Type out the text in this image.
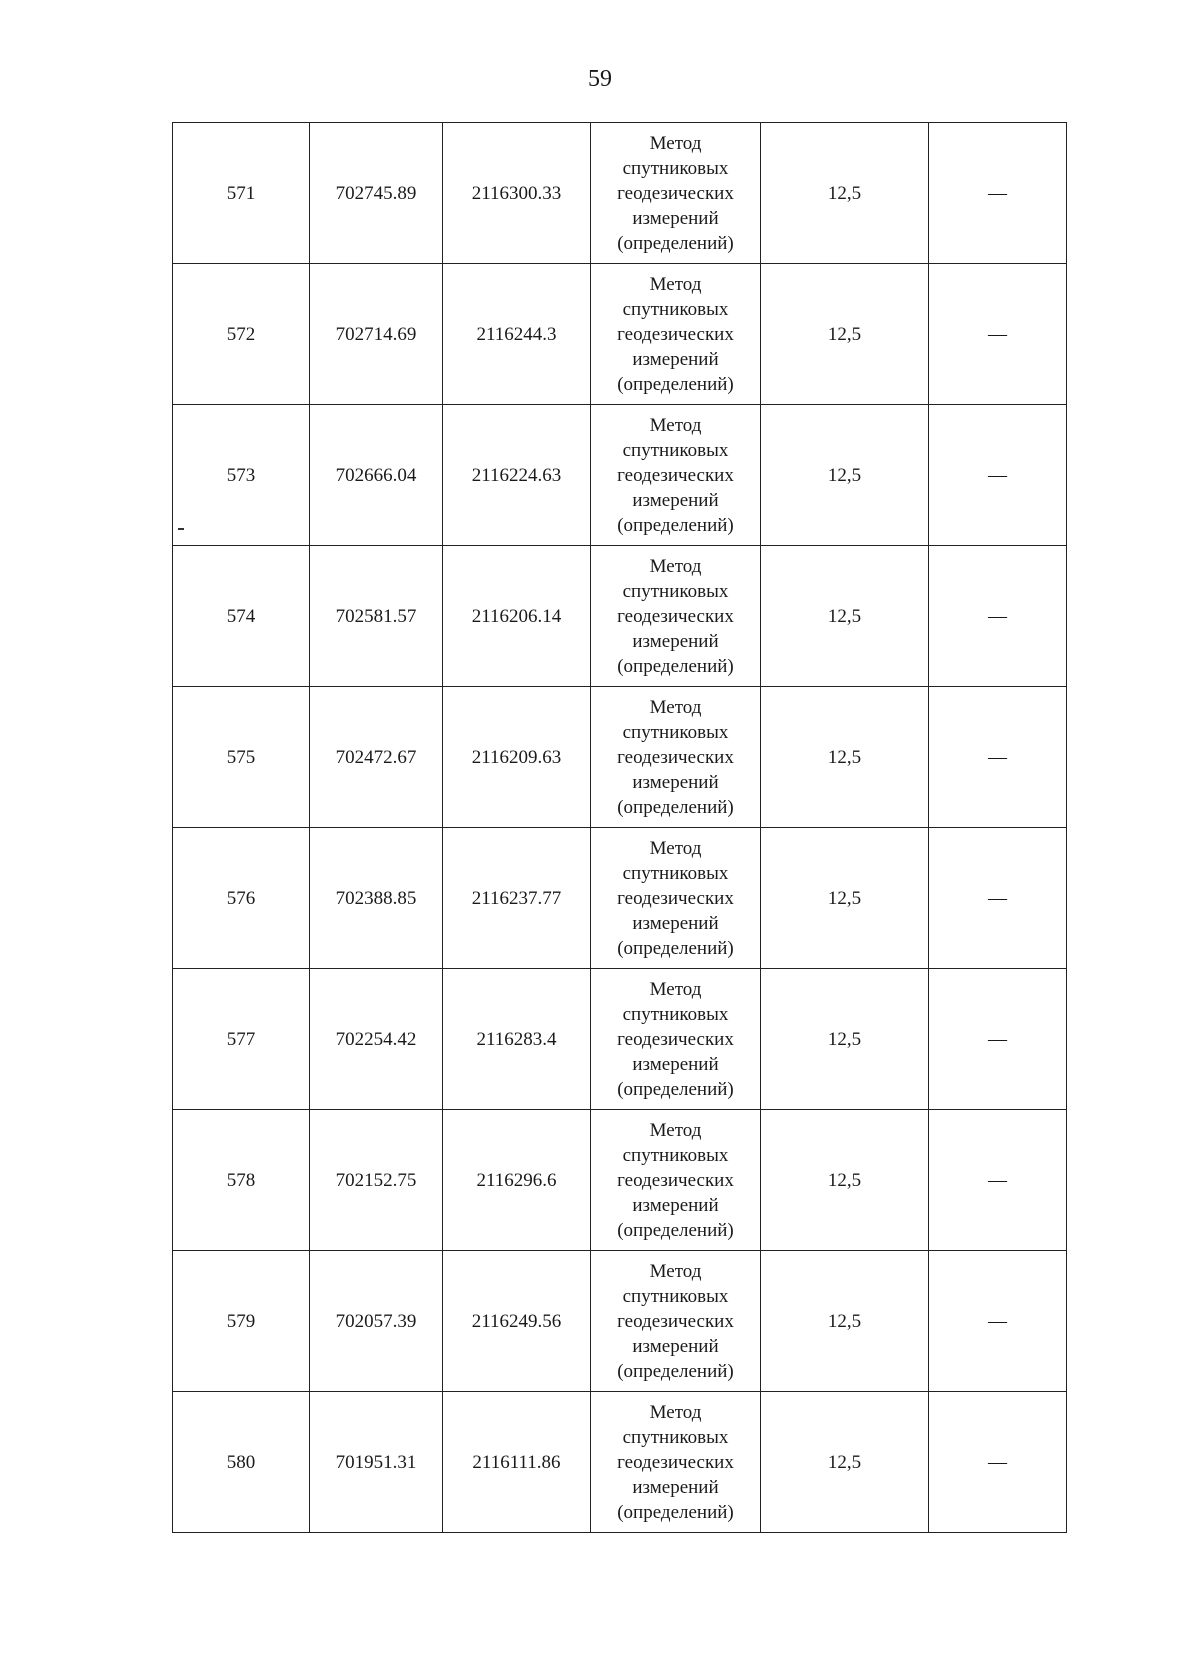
59
571	702745.89	2116300.33	Метод
спутниковых
геодезических
измерений
(определений)	12,5	—
572	702714.69	2116244.3	Метод
спутниковых
геодезических
измерений
(определений)	12,5	—
573	702666.04	2116224.63	Метод
спутниковых
геодезических
измерений
(определений)	12,5	—
574	702581.57	2116206.14	Метод
спутниковых
геодезических
измерений
(определений)	12,5	—
575	702472.67	2116209.63	Метод
спутниковых
геодезических
измерений
(определений)	12,5	—
576	702388.85	2116237.77	Метод
спутниковых
геодезических
измерений
(определений)	12,5	—
577	702254.42	2116283.4	Метод
спутниковых
геодезических
измерений
(определений)	12,5	—
578	702152.75	2116296.6	Метод
спутниковых
геодезических
измерений
(определений)	12,5	—
579	702057.39	2116249.56	Метод
спутниковых
геодезических
измерений
(определений)	12,5	—
580	701951.31	2116111.86	Метод
спутниковых
геодезических
измерений
(определений)	12,5	—
